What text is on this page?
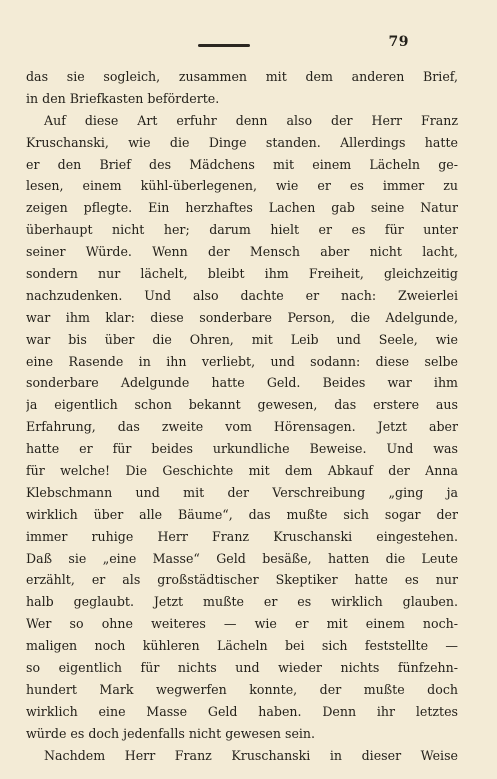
79
das sie sogleich, zusammen mit dem anderen Brief,
in den Briefkasten beförderte.
Auf diese Art erfuhr denn also der Herr Franz
Kruschanski, wie die Dinge standen. Allerdings hatte
er den Brief des Mädchens mit einem Lächeln ge-
lesen, einem kühl-überlegenen, wie er es immer zu
zeigen pflegte. Ein herzhaftes Lachen gab seine Natur
überhaupt nicht her; darum hielt er es für unter
seiner Würde. Wenn der Mensch aber nicht lacht,
sondern nur lächelt, bleibt ihm Freiheit, gleichzeitig
nachzudenken. Und also dachte er nach: Zweierlei
war ihm klar: diese sonderbare Person, die Adelgunde,
war bis über die Ohren, mit Leib und Seele, wie
eine Rasende in ihn verliebt, und sodann: diese selbe
sonderbare Adelgunde hatte Geld. Beides war ihm
ja eigentlich schon bekannt gewesen, das erstere aus
Erfahrung, das zweite vom Hörensagen. Jetzt aber
hatte er für beides urkundliche Beweise. Und was
für welche! Die Geschichte mit dem Abkauf der Anna
Klebschmann und mit der Verschreibung „ging ja
wirklich über alle Bäume“, das mußte sich sogar der
immer ruhige Herr Franz Kruschanski eingestehen.
Daß sie „eine Masse“ Geld besäße, hatten die Leute
erzählt, er als großstädtischer Skeptiker hatte es nur
halb geglaubt. Jetzt mußte er es wirklich glauben.
Wer so ohne weiteres — wie er mit einem noch-
maligen noch kühleren Lächeln bei sich feststellte —
so eigentlich für nichts und wieder nichts fünfzehn-
hundert Mark wegwerfen konnte, der mußte doch
wirklich eine Masse Geld haben. Denn ihr letztes
würde es doch jedenfalls nicht gewesen sein.
Nachdem Herr Franz Kruschanski in dieser Weise
